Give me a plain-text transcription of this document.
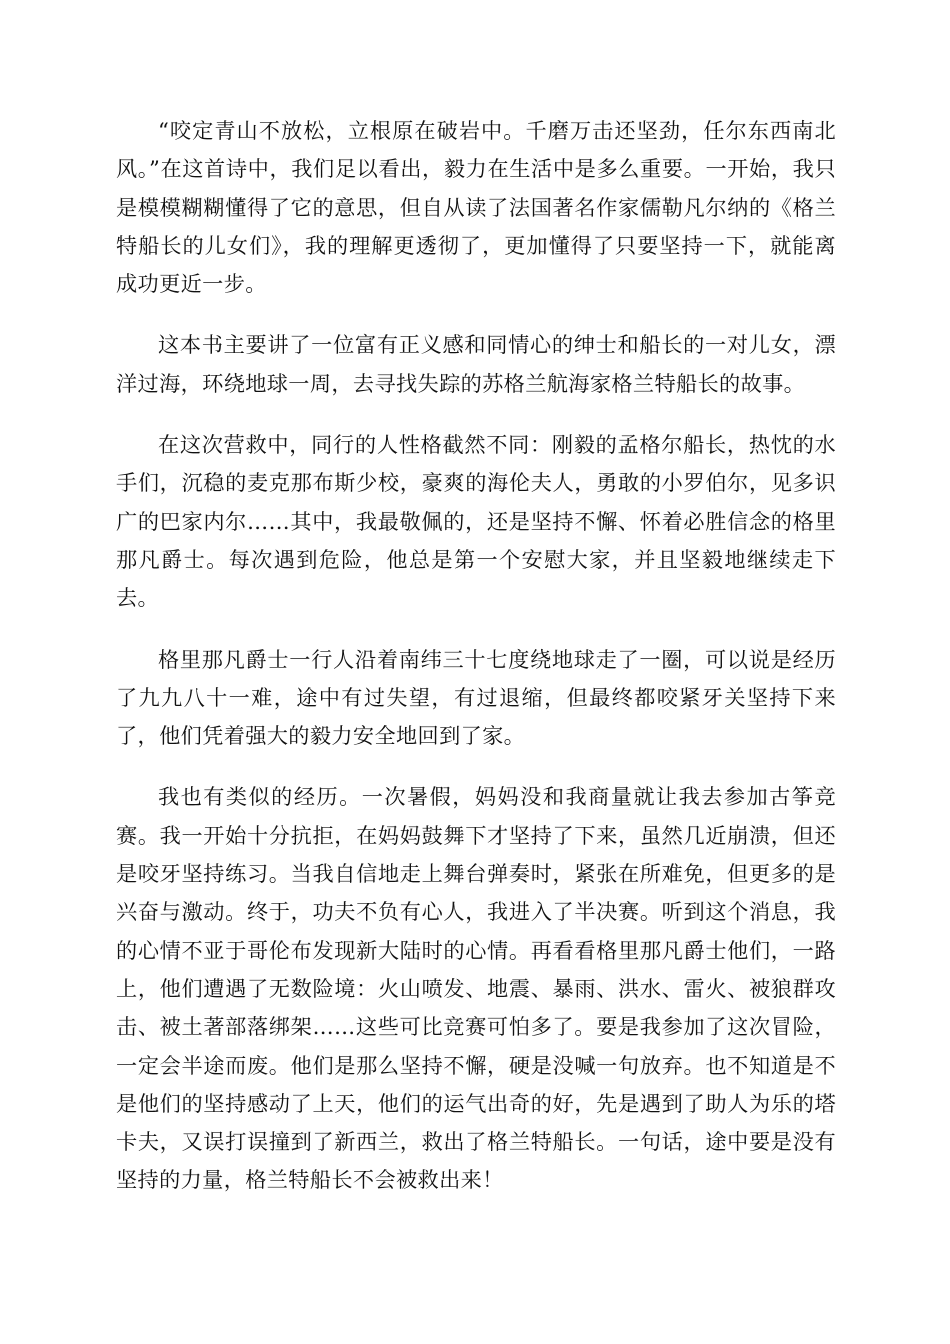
“咬定青山不放松，立根原在破岩中。千磨万击还坚劲，任尔东西南北风。”在这首诗中，我们足以看出，毅力在生活中是多么重要。一开始，我只是模模糊糊懂得了它的意思，但自从读了法国著名作家儒勒凡尔纳的《格兰特船长的儿女们》，我的理解更透彻了，更加懂得了只要坚持一下，就能离成功更近一步。

这本书主要讲了一位富有正义感和同情心的绅士和船长的一对儿女，漂洋过海，环绕地球一周，去寻找失踪的苏格兰航海家格兰特船长的故事。

在这次营救中，同行的人性格截然不同：刚毅的孟格尔船长，热忱的水手们，沉稳的麦克那布斯少校，豪爽的海伦夫人，勇敢的小罗伯尔，见多识广的巴家内尔……其中，我最敬佩的，还是坚持不懈、怀着必胜信念的格里那凡爵士。每次遇到危险，他总是第一个安慰大家，并且坚毅地继续走下去。

格里那凡爵士一行人沿着南纬三十七度绕地球走了一圈，可以说是经历了九九八十一难，途中有过失望，有过退缩，但最终都咬紧牙关坚持下来了，他们凭着强大的毅力安全地回到了家。

我也有类似的经历。一次暑假，妈妈没和我商量就让我去参加古筝竞赛。我一开始十分抗拒，在妈妈鼓舞下才坚持了下来，虽然几近崩溃，但还是咬牙坚持练习。当我自信地走上舞台弹奏时，紧张在所难免，但更多的是兴奋与激动。终于，功夫不负有心人，我进入了半决赛。听到这个消息，我的心情不亚于哥伦布发现新大陆时的心情。再看看格里那凡爵士他们，一路上，他们遭遇了无数险境：火山喷发、地震、暴雨、洪水、雷火、被狼群攻击、被土著部落绑架……这些可比竞赛可怕多了。要是我参加了这次冒险，一定会半途而废。他们是那么坚持不懈，硬是没喊一句放弃。也不知道是不是他们的坚持感动了上天，他们的运气出奇的好，先是遇到了助人为乐的塔卡夫，又误打误撞到了新西兰，救出了格兰特船长。一句话，途中要是没有坚持的力量，格兰特船长不会被救出来！
